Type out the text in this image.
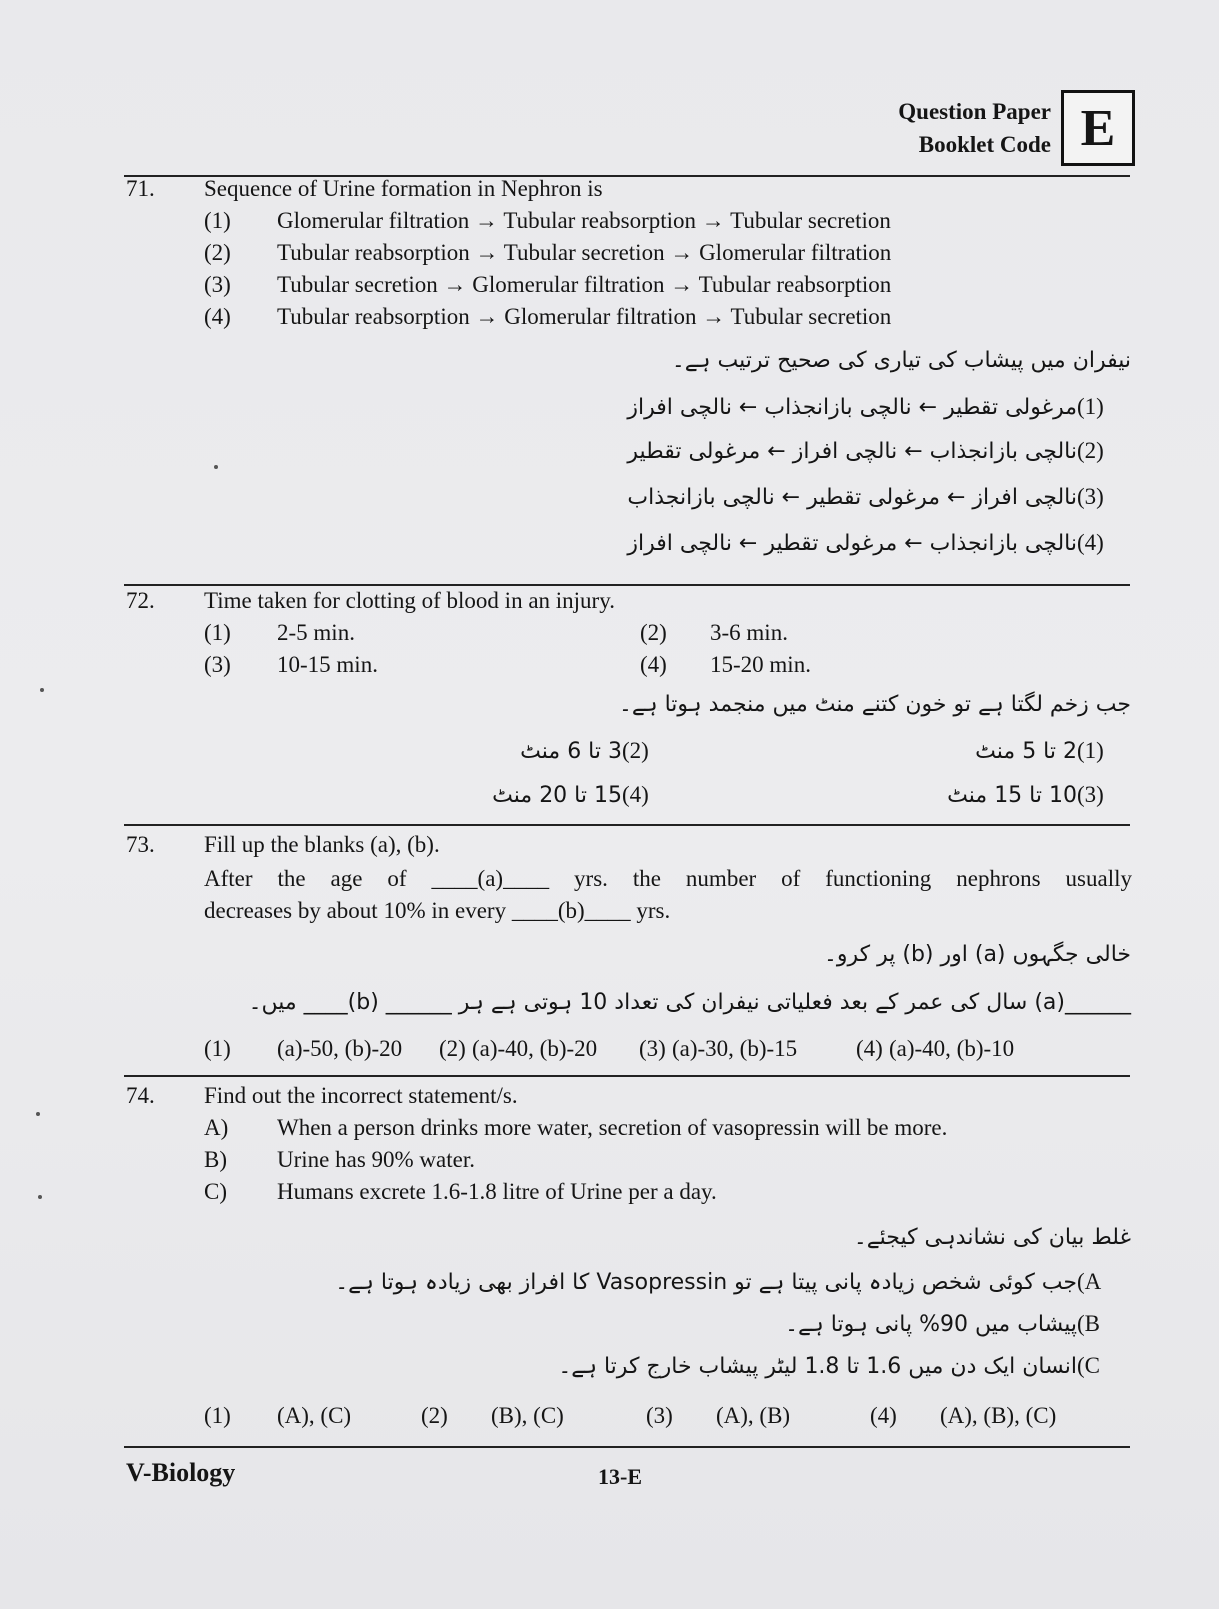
Question Paper
Booklet Code E
71. Sequence of Urine formation in Nephron is
(1) Glomerular filtration → Tubular reabsorption → Tubular secretion
(2) Tubular reabsorption → Tubular secretion → Glomerular filtration
(3) Tubular secretion → Glomerular filtration → Tubular reabsorption
(4) Tubular reabsorption → Glomerular filtration → Tubular secretion
نیفران میں پیشاب کی تیاری کی صحیح ترتیب ہے۔
(1)مرغولی تقطیر ← نالچی بازانجذاب ← نالچی افراز
(2)نالچی بازانجذاب ← نالچی افراز ← مرغولی تقطیر
(3)نالچی افراز ← مرغولی تقطیر ← نالچی بازانجذاب
(4)نالچی بازانجذاب ← مرغولی تقطیر ← نالچی افراز
72. Time taken for clotting of blood in an injury.
(1) 2-5 min.	(2) 3-6 min.
(3) 10-15 min.	(4) 15-20 min.
جب زخم لگتا ہے تو خون کتنے منٹ میں منجمد ہوتا ہے۔
(1)2 تا 5 منٹ
(2)3 تا 6 منٹ
(3)10 تا 15 منٹ
(4)15 تا 20 منٹ
73. Fill up the blanks (a), (b).
After the age of ____(a)____ yrs. the number of functioning nephrons usually
decreases by about 10% in every ____(b)____ yrs.
خالی جگہوں (a) اور (b) پر کرو۔
______(a) سال کی عمر کے بعد فعلیاتی نیفران کی تعداد 10 ہوتی ہے ہر ______ (b)____ میں۔
(1) (a)-50, (b)-20 (2) (a)-40, (b)-20 (3) (a)-30, (b)-15	(4) (a)-40, (b)-10
74. Find out the incorrect statement/s.
A) When a person drinks more water, secretion of vasopressin will be more.
B) Urine has 90% water.
C) Humans excrete 1.6-1.8 litre of Urine per a day.
غلط بیان کی نشاندہی کیجئے۔
(Aجب کوئی شخص زیادہ پانی پیتا ہے تو Vasopressin کا افراز بھی زیادہ ہوتا ہے۔
(Bپیشاب میں 90% پانی ہوتا ہے۔
(Cانسان ایک دن میں 1.6 تا 1.8 لیٹر پیشاب خارج کرتا ہے۔
(1) (A), (C)	(2) (B), (C)	(3) (A), (B)	(4) (A), (B), (C)
V-Biology	13-E
